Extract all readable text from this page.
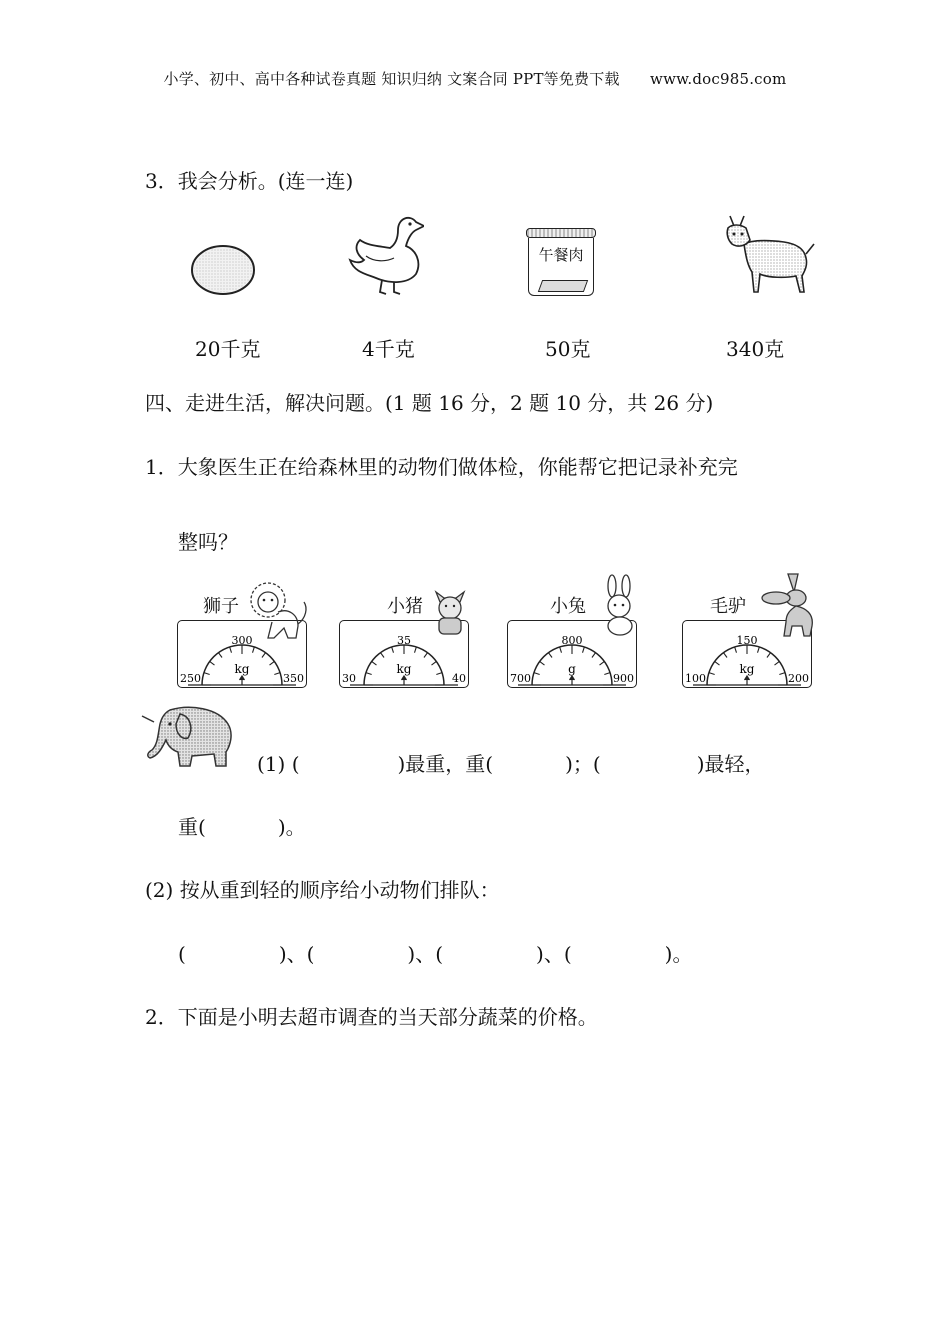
小学、初中、高中各种试卷真题 知识归纳 文案合同 PPT等免费下载　　www.doc985.com
3．我会分析。(连一连)
午餐肉
20千克	4千克	50克	340克
四、走进生活，解决问题。(1 题 16 分，2 题 10 分，共 26 分)
1．大象医生正在给森林里的动物们做体检，你能帮它把记录补充完
整吗？
狮子	小猪	小兔	毛驴
300
250	350
kg
35
30	40
kg
800
700	900
g
150
100	200
kg
(1) (	)最重，重(	)；(	)最轻，
重(	)。
(2) 按从重到轻的顺序给小动物们排队：
(	)、(	)、(	)、(	)。
2．下面是小明去超市调查的当天部分蔬菜的价格。
